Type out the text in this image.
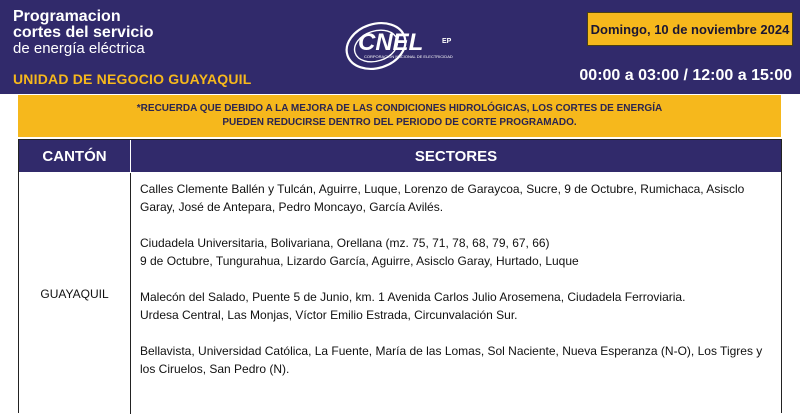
Programacion
cortes del servicio
de energía eléctrica
UNIDAD DE NEGOCIO GUAYAQUIL
CNEL	EP
CORPORACIÓN NACIONAL DE ELECTRICIDAD
Domingo, 10 de noviembre 2024
00:00 a 03:00 / 12:00 a 15:00
*RECUERDA QUE DEBIDO A LA MEJORA DE LAS CONDICIONES HIDROLÓGICAS, LOS CORTES DE ENERGÍA
PUEDEN REDUCIRSE DENTRO DEL PERIODO DE CORTE PROGRAMADO.
CANTÓN	SECTORES
GUAYAQUIL

Calles Clemente Ballén y Tulcán, Aguirre, Luque, Lorenzo de Garaycoa, Sucre, 9 de Octubre, Rumichaca, Asisclo Garay, José de Antepara, Pedro Moncayo, García Avilés.

Ciudadela Universitaria, Bolivariana, Orellana (mz. 75, 71, 78, 68, 79, 67, 66)
9 de Octubre, Tungurahua, Lizardo García, Aguirre, Asisclo Garay, Hurtado, Luque

Malecón del Salado, Puente 5 de Junio, km. 1 Avenida Carlos Julio Arosemena, Ciudadela Ferroviaria.
Urdesa Central, Las Monjas, Víctor Emilio Estrada, Circunvalación Sur.

Bellavista, Universidad Católica, La Fuente, María de las Lomas, Sol Naciente, Nueva Esperanza (N-O), Los Tigres y los Ciruelos, San Pedro (N).
